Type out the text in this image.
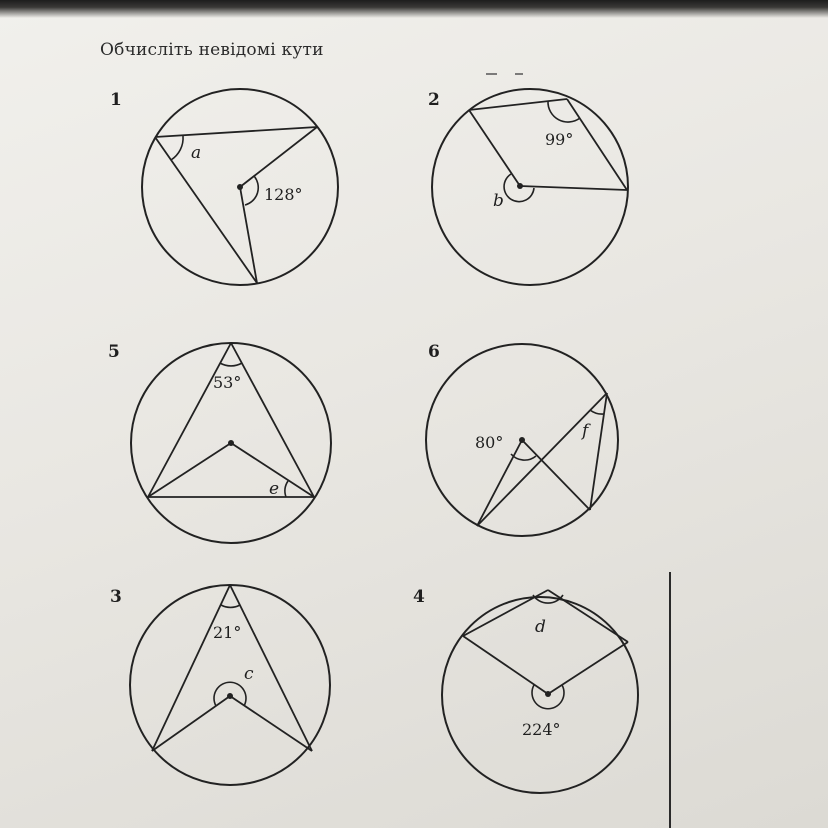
Обчисліть невідомі кути
1
a
128°
2
99°
b
5
53°
e
6
80°
f
3
21°
c
4
d
224°
